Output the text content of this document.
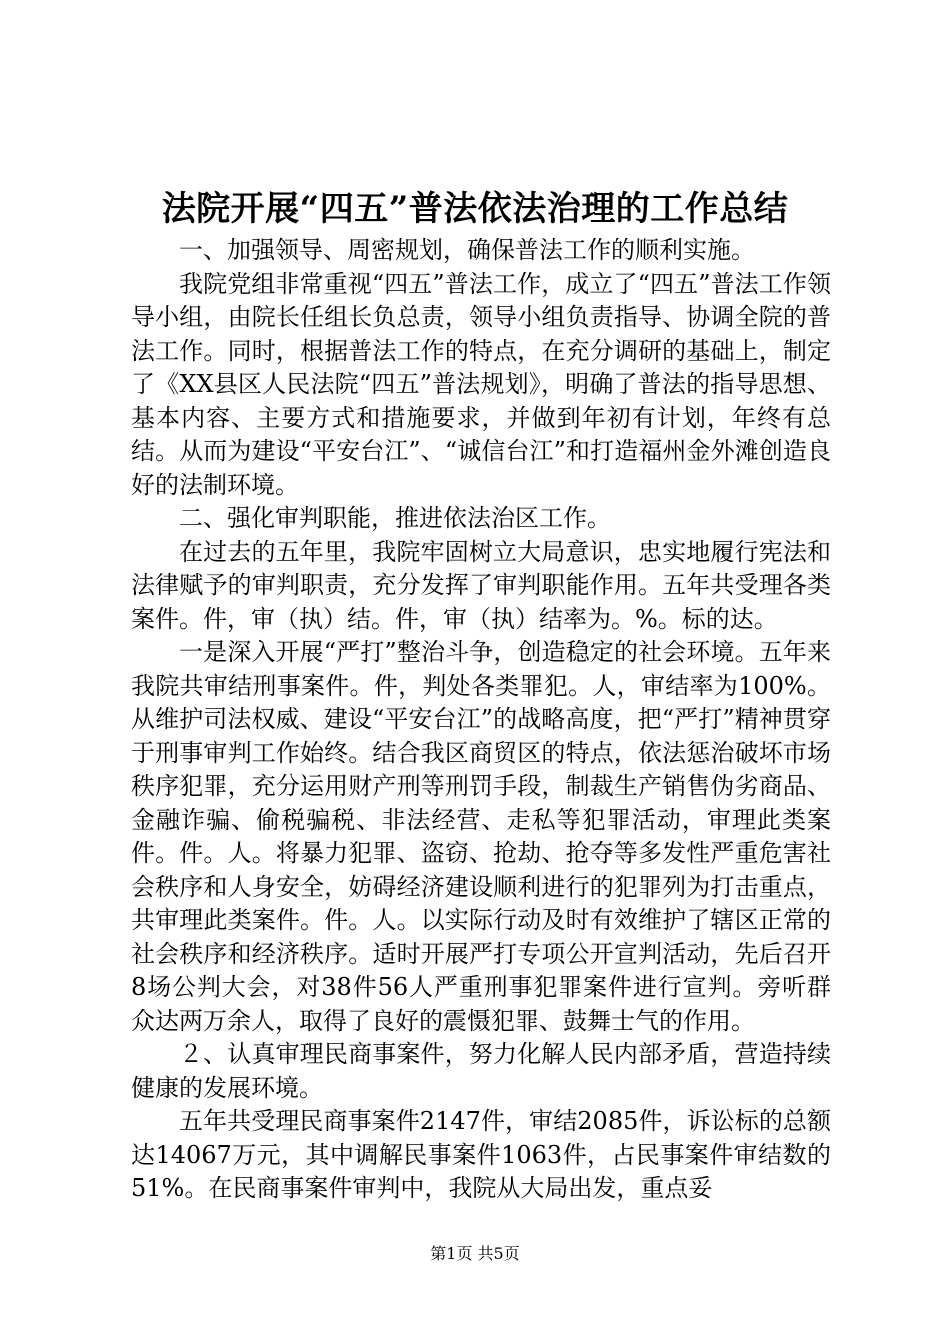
法院开展“四五”普法依法治理的工作总结

一、加强领导、周密规划，确保普法工作的顺利实施。

我院党组非常重视“四五”普法工作，成立了“四五”普法工作领导小组，由院长任组长负总责，领导小组负责指导、协调全院的普法工作。同时，根据普法工作的特点，在充分调研的基础上，制定了《XX县区人民法院“四五”普法规划》，明确了普法的指导思想、基本内容、主要方式和措施要求，并做到年初有计划，年终有总结。从而为建设“平安台江”、“诚信台江”和打造福州金外滩创造良好的法制环境。

二、强化审判职能，推进依法治区工作。

在过去的五年里，我院牢固树立大局意识，忠实地履行宪法和法律赋予的审判职责，充分发挥了审判职能作用。五年共受理各类案件。件，审（执）结。件，审（执）结率为。%。标的达。

一是深入开展“严打”整治斗争，创造稳定的社会环境。五年来我院共审结刑事案件。件，判处各类罪犯。人，审结率为100%。从维护司法权威、建设“平安台江”的战略高度，把“严打”精神贯穿于刑事审判工作始终。结合我区商贸区的特点，依法惩治破坏市场秩序犯罪，充分运用财产刑等刑罚手段，制裁生产销售伪劣商品、金融诈骗、偷税骗税、非法经营、走私等犯罪活动，审理此类案件。件。人。将暴力犯罪、盗窃、抢劫、抢夺等多发性严重危害社会秩序和人身安全，妨碍经济建设顺利进行的犯罪列为打击重点，共审理此类案件。件。人。以实际行动及时有效维护了辖区正常的社会秩序和经济秩序。适时开展严打专项公开宣判活动，先后召开8场公判大会，对38件56人严重刑事犯罪案件进行宣判。旁听群众达两万余人，取得了良好的震慑犯罪、鼓舞士气的作用。

２、认真审理民商事案件，努力化解人民内部矛盾，营造持续健康的发展环境。

五年共受理民商事案件2147件，审结2085件，诉讼标的总额达14067万元，其中调解民事案件1063件，占民事案件审结数的51%。在民商事案件审判中，我院从大局出发，重点妥

第1页 共5页
